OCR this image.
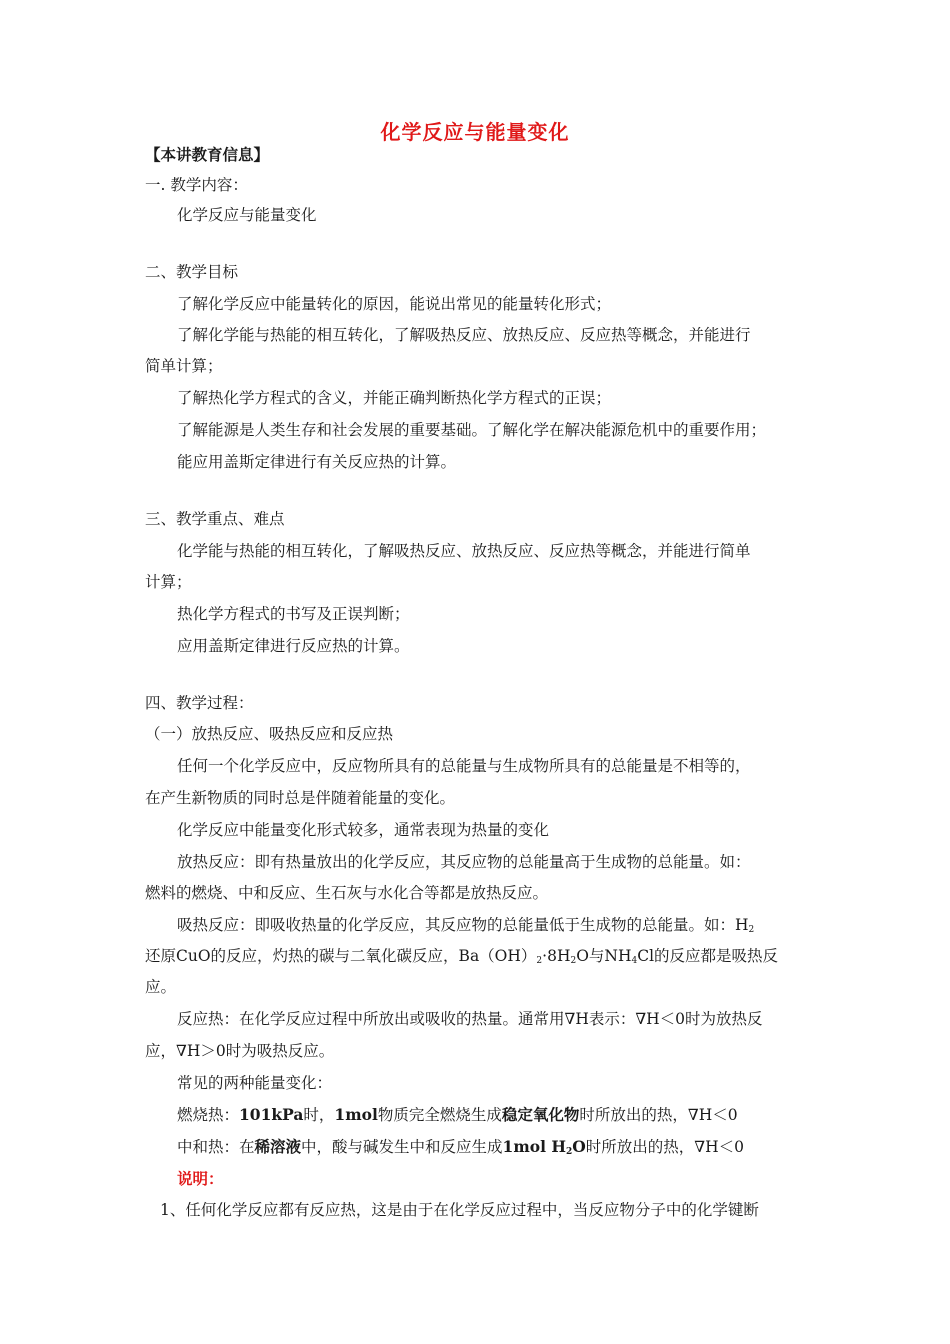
化学反应与能量变化
【本讲教育信息】
一. 教学内容：
化学反应与能量变化
二、教学目标
了解化学反应中能量转化的原因，能说出常见的能量转化形式；
了解化学能与热能的相互转化，了解吸热反应、放热反应、反应热等概念，并能进行
简单计算；
了解热化学方程式的含义，并能正确判断热化学方程式的正误；
了解能源是人类生存和社会发展的重要基础。了解化学在解决能源危机中的重要作用；
能应用盖斯定律进行有关反应热的计算。
三、教学重点、难点
化学能与热能的相互转化，了解吸热反应、放热反应、反应热等概念，并能进行简单
计算；
热化学方程式的书写及正误判断；
应用盖斯定律进行反应热的计算。
四、教学过程：
（一）放热反应、吸热反应和反应热
任何一个化学反应中，反应物所具有的总能量与生成物所具有的总能量是不相等的，
在产生新物质的同时总是伴随着能量的变化。
化学反应中能量变化形式较多，通常表现为热量的变化
放热反应：即有热量放出的化学反应，其反应物的总能量高于生成物的总能量。如：
燃料的燃烧、中和反应、生石灰与水化合等都是放热反应。
吸热反应：即吸收热量的化学反应，其反应物的总能量低于生成物的总能量。如：$H_2$
还原CuO的反应，灼热的碳与二氧化碳反应，$Ba(OH)_2\cdot 8H_2O$与$NH_4Cl$的反应都是吸热反
应。
反应热：在化学反应过程中所放出或吸收的热量。通常用∇H表示：∇H＜0时为放热反
应，∇H＞0时为吸热反应。
常见的两种能量变化：
燃烧热：101kPa时，1mol物质完全燃烧生成稳定氧化物时所放出的热，∇H＜0
中和热：在稀溶液中，酸与碱发生中和反应生成1mol $H_2O$时所放出的热，∇H＜0
说明：
1、任何化学反应都有反应热，这是由于在化学反应过程中，当反应物分子中的化学键断
